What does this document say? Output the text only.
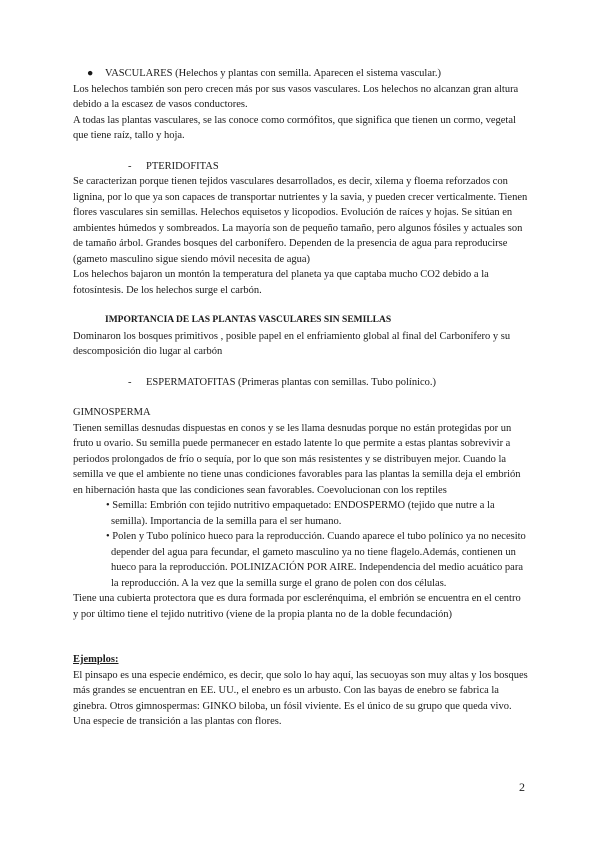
● VASCULARES (Helechos y plantas con semilla. Aparecen el sistema vascular.)

Los helechos también son pero crecen más por sus vasos vasculares. Los helechos no alcanzan gran altura debido a la escasez de vasos conductores.

A todas las plantas vasculares, se las conoce como cormófitos, que significa que tienen un cormo, vegetal que tiene raíz, tallo y hoja.

- PTERIDOFITAS

Se caracterizan porque tienen tejidos vasculares desarrollados, es decir, xilema y floema reforzados con lignina, por lo que ya son capaces de transportar nutrientes y la savia, y pueden crecer verticalmente. Tienen flores vasculares sin semillas. Helechos equisetos y licopodios. Evolución de raíces y hojas. Se sitúan en ambientes húmedos y sombreados. La mayoría son de pequeño tamaño, pero algunos fósiles y actuales son de tamaño árbol. Grandes bosques del carbonífero. Dependen de la presencia de agua para reproducirse (gameto masculino sigue siendo móvil necesita de agua)

Los helechos bajaron un montón la temperatura del planeta ya que captaba mucho CO2 debido a la fotosíntesis. De los helechos surge el carbón.

IMPORTANCIA DE LAS PLANTAS VASCULARES SIN SEMILLAS

Dominaron los bosques primitivos , posible papel en el enfriamiento global al final del Carbonífero y su descomposición dio lugar al carbón

- ESPERMATOFITAS (Primeras plantas con semillas. Tubo polínico.)

GIMNOSPERMA

Tienen semillas desnudas dispuestas en conos y se les llama desnudas porque no están protegidas por un fruto u ovario. Su semilla puede permanecer en estado latente lo que permite a estas plantas sobrevivir a periodos prolongados de frío o sequía, por lo que son más resistentes y se distribuyen mejor. Cuando la semilla ve que el ambiente no tiene unas condiciones favorables para las plantas la semilla deja el embrión en hibernación hasta que las condiciones sean favorables. Coevolucionan con los reptiles

• Semilla: Embrión con tejido nutritivo empaquetado: ENDOSPERMO (tejido que nutre a la semilla). Importancia de la semilla para el ser humano.

• Polen y Tubo polínico hueco para la reproducción. Cuando aparece el tubo polínico ya no necesito depender del agua para fecundar, el gameto masculino ya no tiene flagelo.Además, contienen un hueco para la reproducción. POLINIZACIÓN POR AIRE. Independencia del medio acuático para la reproducción. A la vez que la semilla surge el grano de polen con dos células.

Tiene una cubierta protectora que es dura formada por esclerénquima, el embrión se encuentra en el centro y por último tiene el tejido nutritivo (viene de la propia planta no de la doble fecundación)

Ejemplos:

El pinsapo es una especie endémico, es decir, que solo lo hay aquí, las secuoyas son muy altas y los bosques más grandes se encuentran en EE. UU., el enebro es un arbusto. Con las bayas de enebro se fabrica la ginebra. Otros gimnospermas: GINKO biloba, un fósil viviente. Es el único de su grupo que queda vivo. Una especie de transición a las plantas con flores.

2
